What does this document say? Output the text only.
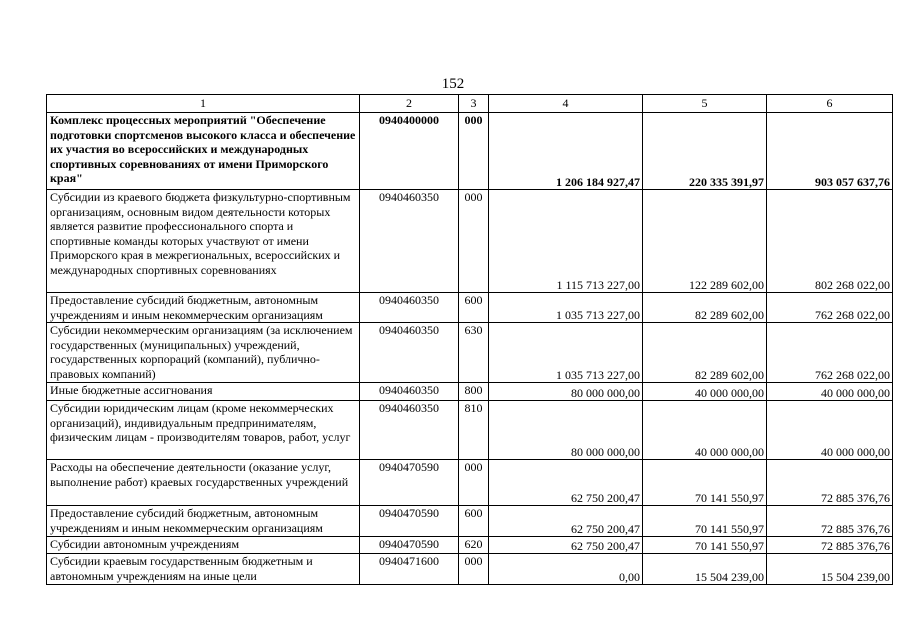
152
1	2	3	4	5	6
Комплекс процессных мероприятий "Обеспечение подготовки спортсменов высокого класса и обеспечение их участия во всероссийских и международных спортивных соревнованиях от имени Приморского края"	0940400000	000	1 206 184 927,47	220 335 391,97	903 057 637,76
Субсидии из краевого бюджета физкультурно-спортивным организациям, основным видом деятельности которых является развитие профессионального спорта и спортивные команды которых участвуют от имени Приморского края в межрегиональных, всероссийских и международных спортивных соревнованиях	0940460350	000	1 115 713 227,00	122 289 602,00	802 268 022,00
Предоставление субсидий бюджетным, автономным учреждениям и иным некоммерческим организациям	0940460350	600	1 035 713 227,00	82 289 602,00	762 268 022,00
Субсидии некоммерческим организациям (за исключением государственных (муниципальных) учреждений, государственных корпораций (компаний), публично-правовых компаний)	0940460350	630	1 035 713 227,00	82 289 602,00	762 268 022,00
Иные бюджетные ассигнования	0940460350	800	80 000 000,00	40 000 000,00	40 000 000,00
Субсидии юридическим лицам (кроме некоммерческих организаций), индивидуальным предпринимателям, физическим лицам - производителям товаров, работ, услуг	0940460350	810	80 000 000,00	40 000 000,00	40 000 000,00
Расходы на обеспечение деятельности (оказание услуг, выполнение работ) краевых государственных учреждений	0940470590	000	62 750 200,47	70 141 550,97	72 885 376,76
Предоставление субсидий бюджетным, автономным учреждениям и иным некоммерческим организациям	0940470590	600	62 750 200,47	70 141 550,97	72 885 376,76
Субсидии автономным учреждениям	0940470590	620	62 750 200,47	70 141 550,97	72 885 376,76
Субсидии краевым государственным бюджетным и автономным учреждениям на иные цели	0940471600	000	0,00	15 504 239,00	15 504 239,00
